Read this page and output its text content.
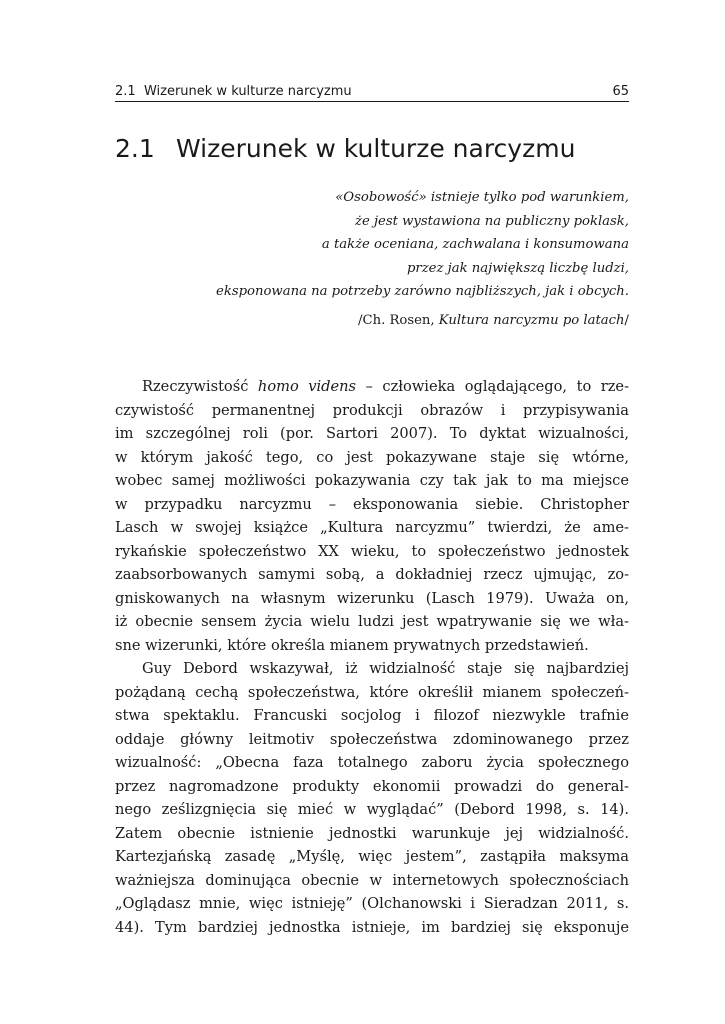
2.1  Wizerunek w kulturze narcyzmu	65
2.1 Wizerunek w kulturze narcyzmu
«Osobowość» istnieje tylko pod warunkiem,
że jest wystawiona na publiczny poklask,
a także oceniana, zachwalana i konsumowana
przez jak największą liczbę ludzi,
eksponowana na potrzeby zarówno najbliższych, jak i obcych.
/Ch. Rosen, Kultura narcyzmu po latach/
Rzeczywistość homo videns – człowieka oglądającego, to rze-
czywistość permanentnej produkcji obrazów i przypisywania
im szczególnej roli (por. Sartori 2007). To dyktat wizualności,
w którym jakość tego, co jest pokazywane staje się wtórne,
wobec samej możliwości pokazywania czy tak jak to ma miejsce
w przypadku narcyzmu – eksponowania siebie. Christopher
Lasch w swojej książce „Kultura narcyzmu” twierdzi, że ame-
rykańskie społeczeństwo XX wieku, to społeczeństwo jednostek
zaabsorbowanych samymi sobą, a dokładniej rzecz ujmując, zo-
gniskowanych na własnym wizerunku (Lasch 1979). Uważa on,
iż obecnie sensem życia wielu ludzi jest wpatrywanie się we wła-
sne wizerunki, które określa mianem prywatnych przedstawień.
Guy Debord wskazywał, iż widzialność staje się najbardziej
pożądaną cechą społeczeństwa, które określił mianem społeczeń-
stwa spektaklu. Francuski socjolog i filozof niezwykle trafnie
oddaje główny leitmotiv społeczeństwa zdominowanego przez
wizualność: „Obecna faza totalnego zaboru życia społecznego
przez nagromadzone produkty ekonomii prowadzi do general-
nego ześlizgnięcia się mieć w wyglądać” (Debord 1998, s. 14).
Zatem obecnie istnienie jednostki warunkuje jej widzialność.
Kartezjańską zasadę „Myślę, więc jestem”, zastąpiła maksyma
ważniejsza dominująca obecnie w internetowych społecznościach
„Oglądasz mnie, więc istnieję” (Olchanowski i Sieradzan 2011, s.
44). Tym bardziej jednostka istnieje, im bardziej się eksponuje
